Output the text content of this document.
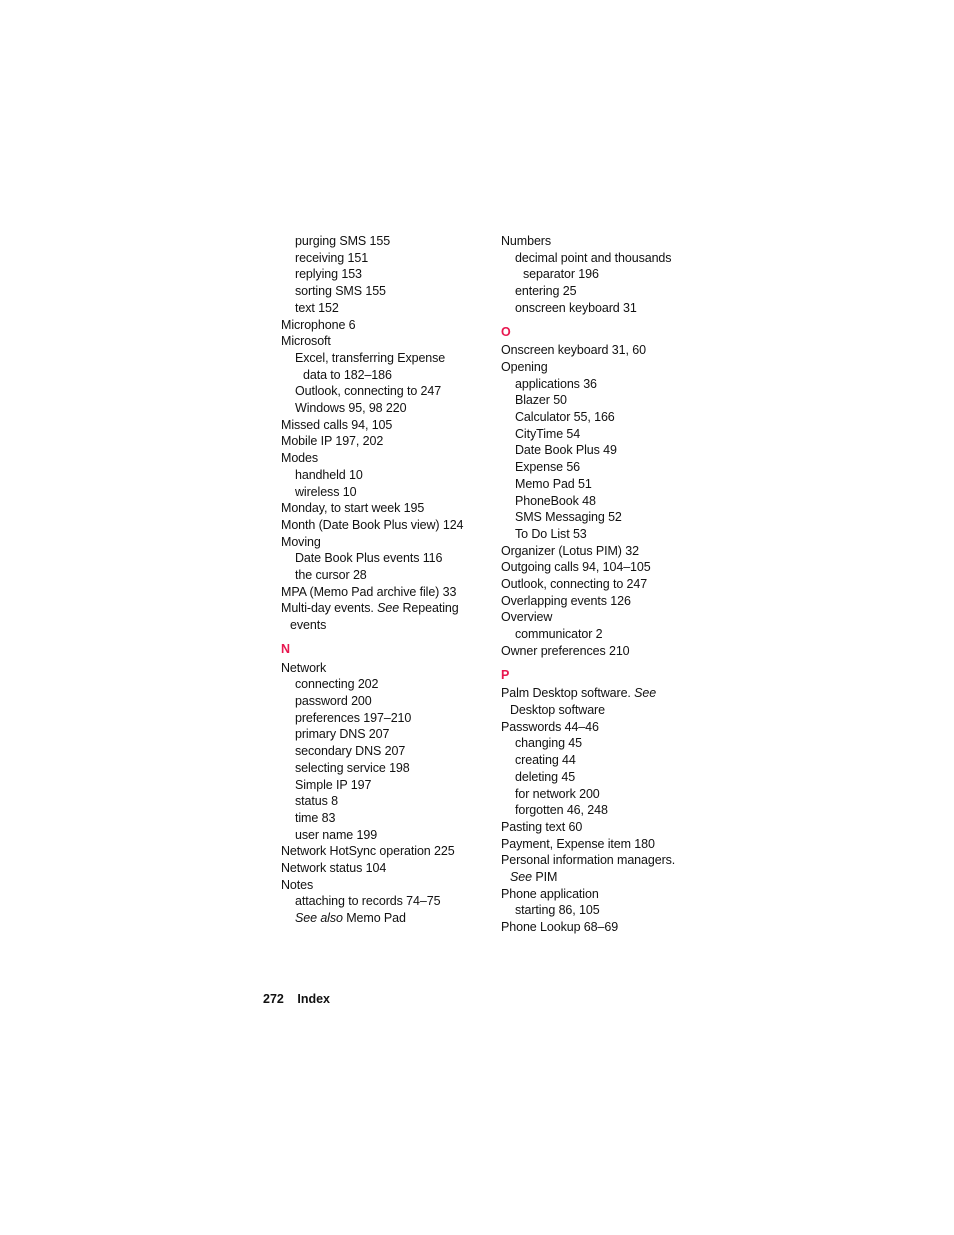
purging SMS 155
receiving 151
replying 153
sorting SMS 155
text 152
Microphone 6
Microsoft
Excel, transferring Expense
data to 182–186
Outlook, connecting to 247
Windows 95, 98 220
Missed calls 94, 105
Mobile IP 197, 202
Modes
handheld 10
wireless 10
Monday, to start week 195
Month (Date Book Plus view) 124
Moving
Date Book Plus events 116
the cursor 28
MPA (Memo Pad archive file) 33
Multi-day events. See Repeating
events
N
Network
connecting 202
password 200
preferences 197–210
primary DNS 207
secondary DNS 207
selecting service 198
Simple IP 197
status 8
time 83
user name 199
Network HotSync operation 225
Network status 104
Notes
attaching to records 74–75
See also Memo Pad
Numbers
decimal point and thousands
separator 196
entering 25
onscreen keyboard 31
O
Onscreen keyboard 31, 60
Opening
applications 36
Blazer 50
Calculator 55, 166
CityTime 54
Date Book Plus 49
Expense 56
Memo Pad 51
PhoneBook 48
SMS Messaging 52
To Do List 53
Organizer (Lotus PIM) 32
Outgoing calls 94, 104–105
Outlook, connecting to 247
Overlapping events 126
Overview
communicator 2
Owner preferences 210
P
Palm Desktop software. See
Desktop software
Passwords 44–46
changing 45
creating 44
deleting 45
for network 200
forgotten 46, 248
Pasting text 60
Payment, Expense item 180
Personal information managers.
See PIM
Phone application
starting 86, 105
Phone Lookup 68–69
272 Index
